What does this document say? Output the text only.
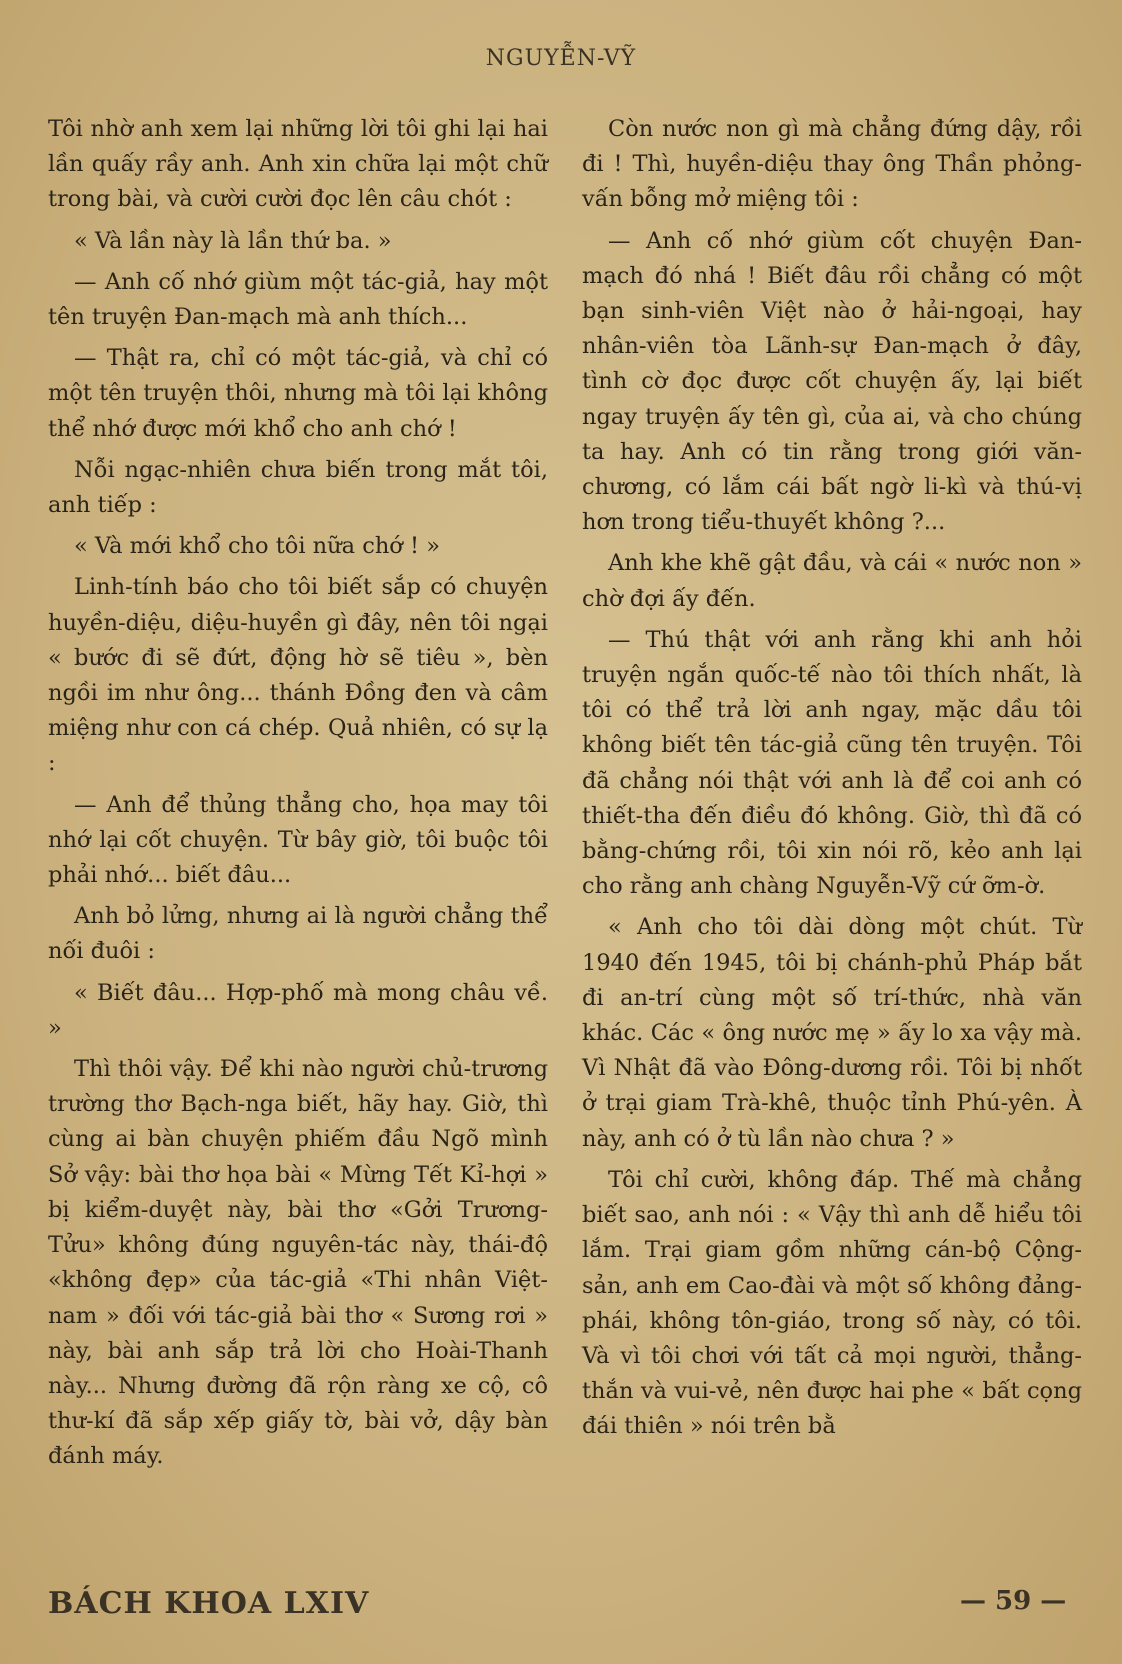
NGUYỄN-VỸ

Tôi nhờ anh xem lại những lời tôi ghi lại hai lần quấy rầy anh. Anh xin chữa lại một chữ trong bài, và cười cười đọc lên câu chót :

« Và lần này là lần thứ ba. »

— Anh cố nhớ giùm một tác-giả, hay một tên truyện Đan-mạch mà anh thích...

— Thật ra, chỉ có một tác-giả, và chỉ có một tên truyện thôi, nhưng mà tôi lại không thể nhớ được mới khổ cho anh chớ !

Nỗi ngạc-nhiên chưa biến trong mắt tôi, anh tiếp :

« Và mới khổ cho tôi nữa chớ ! »

Linh-tính báo cho tôi biết sắp có chuyện huyền-diệu, diệu-huyền gì đây, nên tôi ngại « bước đi sẽ đứt, động hờ sẽ tiêu », bèn ngồi im như ông... thánh Đồng đen và câm miệng như con cá chép. Quả nhiên, có sự lạ :

— Anh để thủng thẳng cho, họa may tôi nhớ lại cốt chuyện. Từ bây giờ, tôi buộc tôi phải nhớ... biết đâu...

Anh bỏ lửng, nhưng ai là người chẳng thể nối đuôi :

« Biết đâu... Hợp-phố mà mong châu về. »

Thì thôi vậy. Để khi nào người chủ-trương trường thơ Bạch-nga biết, hãy hay. Giờ, thì cùng ai bàn chuyện phiếm đầu Ngõ mình Sở vậy: bài thơ họa bài « Mừng Tết Kỉ-hợi » bị kiểm-duyệt này, bài thơ «Gởi Trương-Tửu» không đúng nguyên-tác này, thái-độ «không đẹp» của tác-giả «Thi nhân Việt-nam » đối với tác-giả bài thơ « Sương rơi » này, bài anh sắp trả lời cho Hoài-Thanh này... Nhưng đường đã rộn ràng xe cộ, cô thư-kí đã sắp xếp giấy tờ, bài vở, dậy bàn đánh máy.

Còn nước non gì mà chẳng đứng dậy, rồi đi ! Thì, huyền-diệu thay ông Thần phỏng-vấn bỗng mở miệng tôi :

— Anh cố nhớ giùm cốt chuyện Đan-mạch đó nhá ! Biết đâu rồi chẳng có một bạn sinh-viên Việt nào ở hải-ngoại, hay nhân-viên tòa Lãnh-sự Đan-mạch ở đây, tình cờ đọc được cốt chuyện ấy, lại biết ngay truyện ấy tên gì, của ai, và cho chúng ta hay. Anh có tin rằng trong giới văn-chương, có lắm cái bất ngờ li-kì và thú-vị hơn trong tiểu-thuyết không ?...

Anh khe khẽ gật đầu, và cái « nước non » chờ đợi ấy đến.

— Thú thật với anh rằng khi anh hỏi truyện ngắn quốc-tế nào tôi thích nhất, là tôi có thể trả lời anh ngay, mặc dầu tôi không biết tên tác-giả cũng tên truyện. Tôi đã chẳng nói thật với anh là để coi anh có thiết-tha đến điều đó không. Giờ, thì đã có bằng-chứng rồi, tôi xin nói rõ, kẻo anh lại cho rằng anh chàng Nguyễn-Vỹ cứ ỡm-ờ.

« Anh cho tôi dài dòng một chút. Từ 1940 đến 1945, tôi bị chánh-phủ Pháp bắt đi an-trí cùng một số trí-thức, nhà văn khác. Các « ông nước mẹ » ấy lo xa vậy mà. Vì Nhật đã vào Đông-dương rồi. Tôi bị nhốt ở trại giam Trà-khê, thuộc tỉnh Phú-yên. À này, anh có ở tù lần nào chưa ? »

Tôi chỉ cười, không đáp. Thế mà chẳng biết sao, anh nói : « Vậy thì anh dễ hiểu tôi lắm. Trại giam gồm những cán-bộ Cộng-sản, anh em Cao-đài và một số không đảng-phái, không tôn-giáo, trong số này, có tôi. Và vì tôi chơi với tất cả mọi người, thẳng-thắn và vui-vẻ, nên được hai phe « bất cọng đái thiên » nói trên bằ

BÁCH KHOA LXIV	— 59 —
